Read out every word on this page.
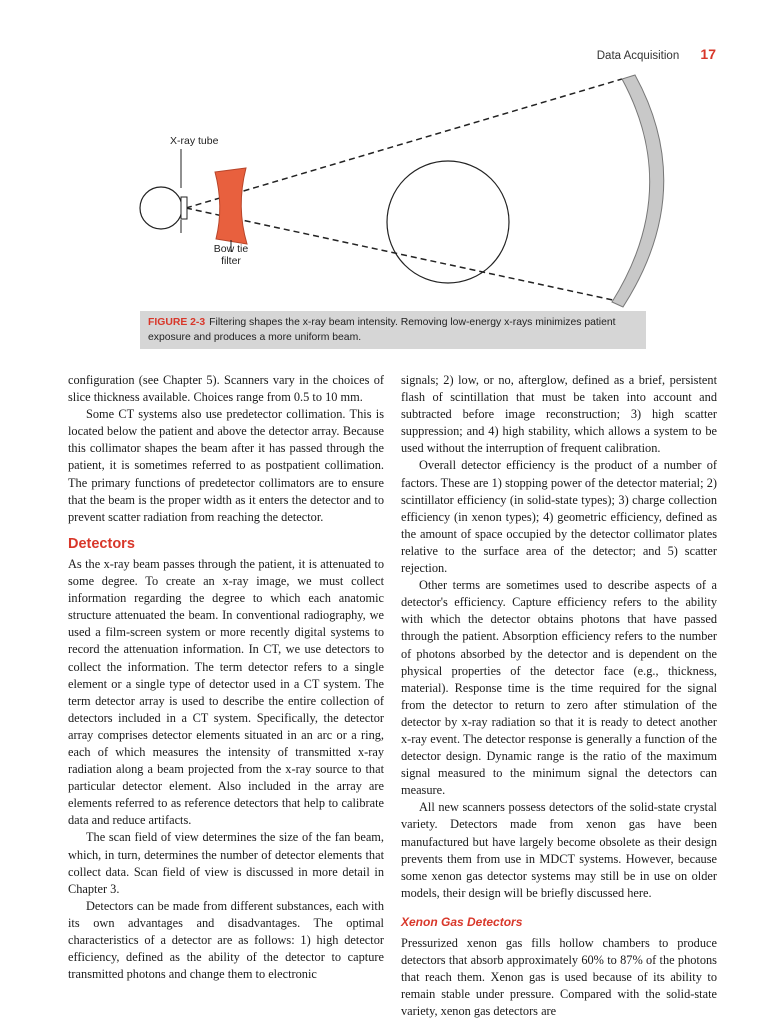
Data Acquisition 17
X-ray tube
Bow tie
filter
FIGURE 2-3 Filtering shapes the x-ray beam intensity. Removing low-energy x-rays minimizes patient exposure and produces a more uniform beam.

configuration (see Chapter 5). Scanners vary in the choices of slice thickness available. Choices range from 0.5 to 10 mm.

Some CT systems also use predetector collimation. This is located below the patient and above the detector array. Because this collimator shapes the beam after it has passed through the patient, it is sometimes referred to as postpatient collimation. The primary functions of predetector collimators are to ensure that the beam is the proper width as it enters the detector and to prevent scatter radiation from reaching the detector.

Detectors

As the x-ray beam passes through the patient, it is attenuated to some degree. To create an x-ray image, we must collect information regarding the degree to which each anatomic structure attenuated the beam. In conventional radiography, we used a film-screen system or more recently digital systems to record the attenuation information. In CT, we use detectors to collect the information. The term detector refers to a single element or a single type of detector used in a CT system. The term detector array is used to describe the entire collection of detectors included in a CT system. Specifically, the detector array comprises detector elements situated in an arc or a ring, each of which measures the intensity of transmitted x-ray radiation along a beam projected from the x-ray source to that particular detector element. Also included in the array are elements referred to as reference detectors that help to calibrate data and reduce artifacts.

The scan field of view determines the size of the fan beam, which, in turn, determines the number of detector elements that collect data. Scan field of view is discussed in more detail in Chapter 3.

Detectors can be made from different substances, each with its own advantages and disadvantages. The optimal characteristics of a detector are as follows: 1) high detector efficiency, defined as the ability of the detector to capture transmitted photons and change them to electronic

signals; 2) low, or no, afterglow, defined as a brief, persistent flash of scintillation that must be taken into account and subtracted before image reconstruction; 3) high scatter suppression; and 4) high stability, which allows a system to be used without the interruption of frequent calibration.

Overall detector efficiency is the product of a number of factors. These are 1) stopping power of the detector material; 2) scintillator efficiency (in solid-state types); 3) charge collection efficiency (in xenon types); 4) geometric efficiency, defined as the amount of space occupied by the detector collimator plates relative to the surface area of the detector; and 5) scatter rejection.

Other terms are sometimes used to describe aspects of a detector's efficiency. Capture efficiency refers to the ability with which the detector obtains photons that have passed through the patient. Absorption efficiency refers to the number of photons absorbed by the detector and is dependent on the physical properties of the detector face (e.g., thickness, material). Response time is the time required for the signal from the detector to return to zero after stimulation of the detector by x-ray radiation so that it is ready to detect another x-ray event. The detector response is generally a function of the detector design. Dynamic range is the ratio of the maximum signal measured to the minimum signal the detectors can measure.

All new scanners possess detectors of the solid-state crystal variety. Detectors made from xenon gas have been manufactured but have largely become obsolete as their design prevents them from use in MDCT systems. However, because some xenon gas detector systems may still be in use on older models, their design will be briefly discussed here.

Xenon Gas Detectors

Pressurized xenon gas fills hollow chambers to produce detectors that absorb approximately 60% to 87% of the photons that reach them. Xenon gas is used because of its ability to remain stable under pressure. Compared with the solid-state variety, xenon gas detectors are
